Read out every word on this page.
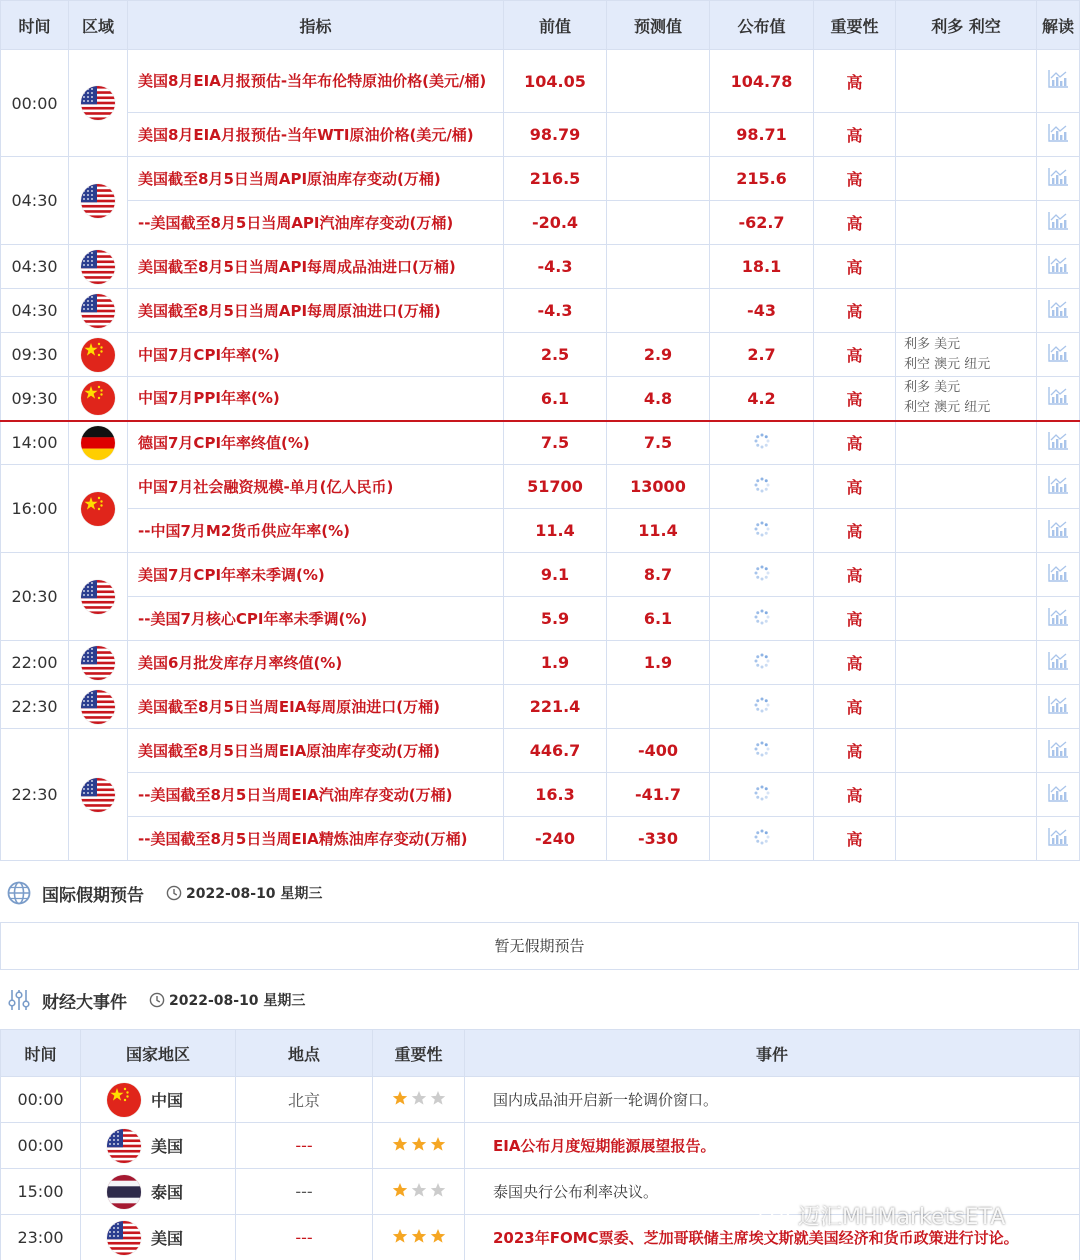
时间	区域	指标	前值	预测值	公布值	重要性	利多 利空	解读
00:00		美国8月EIA月报预估-当年布伦特原油价格(美元/桶)	104.05		104.78	高		
		美国8月EIA月报预估-当年WTI原油价格(美元/桶)	98.79		98.71	高		
04:30		美国截至8月5日当周API原油库存变动(万桶)	216.5		215.6	高		
		--美国截至8月5日当周API汽油库存变动(万桶)	-20.4		-62.7	高		
04:30		美国截至8月5日当周API每周成品油进口(万桶)	-4.3		18.1	高		
04:30		美国截至8月5日当周API每周原油进口(万桶)	-4.3		-43	高		
09:30		中国7月CPI年率(%)	2.5	2.9	2.7	高	利多 美元
利空 澳元 纽元

09:30		中国7月PPI年率(%)	6.1	4.8	4.2	高	利多 美元
利空 澳元 纽元

14:00		德国7月CPI年率终值(%)	7.5	7.5		高		
16:00		中国7月社会融资规模-单月(亿人民币)	51700	13000		高		
		--中国7月M2货币供应年率(%)	11.4	11.4		高		
20:30		美国7月CPI年率未季调(%)	9.1	8.7		高		
		--美国7月核心CPI年率未季调(%)	5.9	6.1		高		
22:00		美国6月批发库存月率终值(%)	1.9	1.9		高		
22:30		美国截至8月5日当周EIA每周原油进口(万桶)	221.4			高		
22:30		美国截至8月5日当周EIA原油库存变动(万桶)	446.7	-400		高		
		--美国截至8月5日当周EIA汽油库存变动(万桶)	16.3	-41.7		高		
		--美国截至8月5日当周EIA精炼油库存变动(万桶)	-240	-330		高		
国际假期预告	2022-08-10 星期三
暂无假期预告
财经大事件	2022-08-10 星期三
时间	国家地区	地点	重要性	事件
00:00	中国	北京		国内成品油开启新一轮调价窗口。
00:00	美国	---		EIA公布月度短期能源展望报告。
15:00	泰国	---		泰国央行公布利率决议。
23:00	美国	---		2023年FOMC票委、芝加哥联储主席埃文斯就美国经济和货币政策进行讨论。
迈汇MHMarketsETA
